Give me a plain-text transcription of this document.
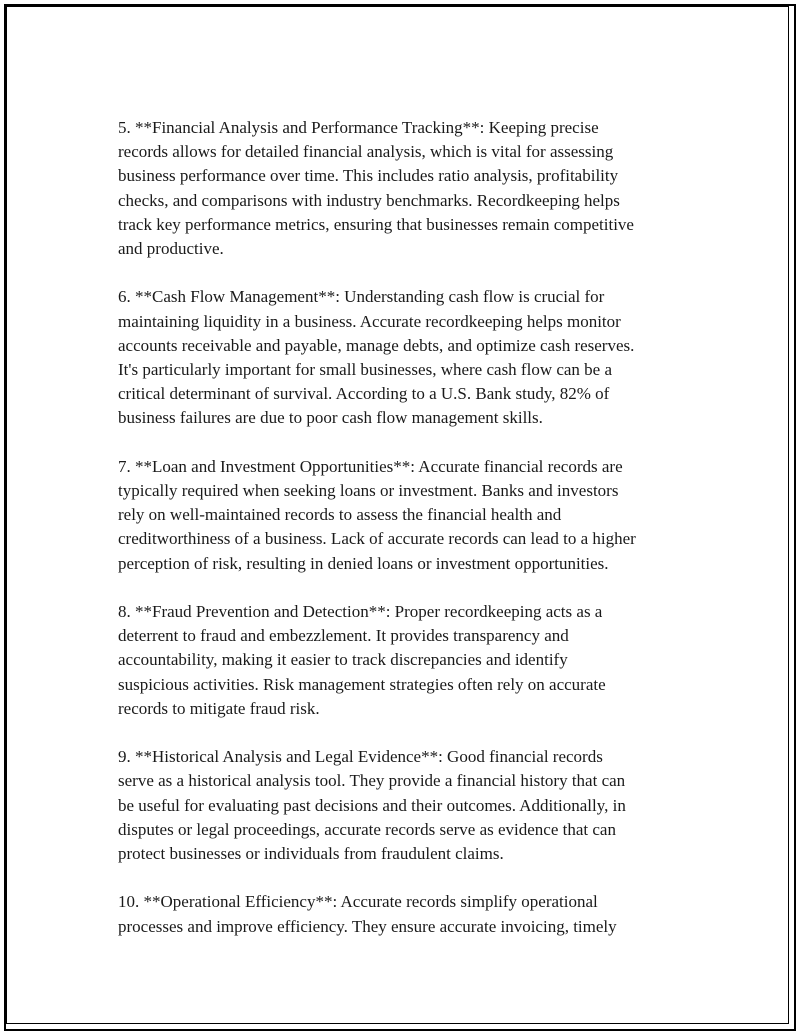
5. **Financial Analysis and Performance Tracking**: Keeping precise
records allows for detailed financial analysis, which is vital for assessing
business performance over time. This includes ratio analysis, profitability
checks, and comparisons with industry benchmarks. Recordkeeping helps
track key performance metrics, ensuring that businesses remain competitive
and productive.

6. **Cash Flow Management**: Understanding cash flow is crucial for
maintaining liquidity in a business. Accurate recordkeeping helps monitor
accounts receivable and payable, manage debts, and optimize cash reserves.
It's particularly important for small businesses, where cash flow can be a
critical determinant of survival. According to a U.S. Bank study, 82% of
business failures are due to poor cash flow management skills.

7. **Loan and Investment Opportunities**: Accurate financial records are
typically required when seeking loans or investment. Banks and investors
rely on well-maintained records to assess the financial health and
creditworthiness of a business. Lack of accurate records can lead to a higher
perception of risk, resulting in denied loans or investment opportunities.

8. **Fraud Prevention and Detection**: Proper recordkeeping acts as a
deterrent to fraud and embezzlement. It provides transparency and
accountability, making it easier to track discrepancies and identify
suspicious activities. Risk management strategies often rely on accurate
records to mitigate fraud risk.

9. **Historical Analysis and Legal Evidence**: Good financial records
serve as a historical analysis tool. They provide a financial history that can
be useful for evaluating past decisions and their outcomes. Additionally, in
disputes or legal proceedings, accurate records serve as evidence that can
protect businesses or individuals from fraudulent claims.

10. **Operational Efficiency**: Accurate records simplify operational
processes and improve efficiency. They ensure accurate invoicing, timely
